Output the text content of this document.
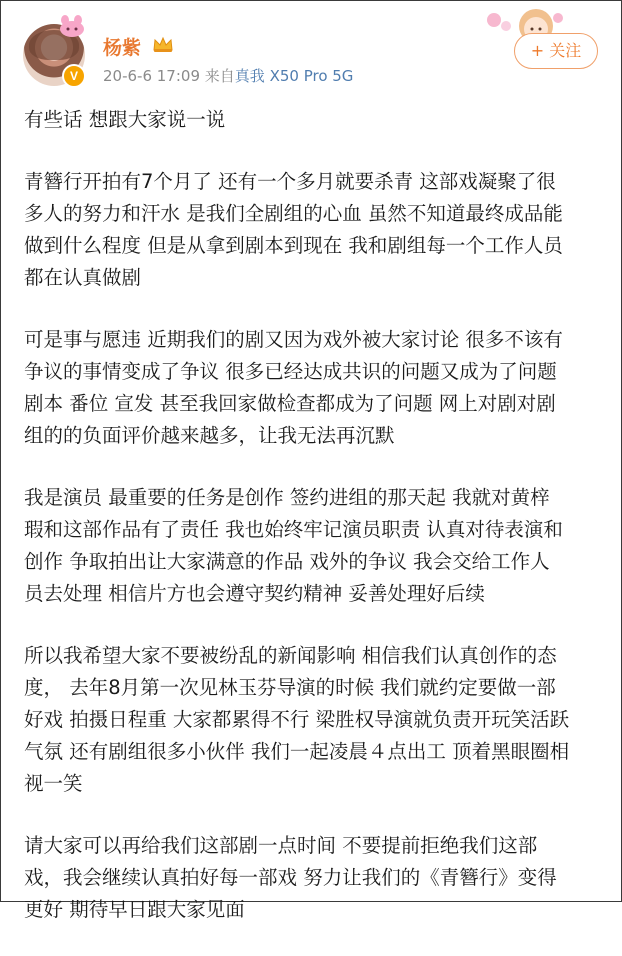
V
杨紫
20-6-6 17:09 来自真我 X50 Pro 5G
+ 关注
有些话 想跟大家说一说
青簪行开拍有7个月了 还有一个多月就要杀青 这部戏凝聚了很
多人的努力和汗水 是我们全剧组的心血 虽然不知道最终成品能
做到什么程度 但是从拿到剧本到现在 我和剧组每一个工作人员
都在认真做剧
可是事与愿违 近期我们的剧又因为戏外被大家讨论 很多不该有
争议的事情变成了争议 很多已经达成共识的问题又成为了问题
剧本 番位 宣发 甚至我回家做检查都成为了问题 网上对剧对剧
组的的负面评价越来越多，让我无法再沉默
我是演员 最重要的任务是创作 签约进组的那天起 我就对黄梓
瑕和这部作品有了责任 我也始终牢记演员职责 认真对待表演和
创作 争取拍出让大家满意的作品 戏外的争议 我会交给工作人
员去处理 相信片方也会遵守契约精神 妥善处理好后续
所以我希望大家不要被纷乱的新闻影响 相信我们认真创作的态
度， 去年8月第一次见林玉芬导演的时候 我们就约定要做一部
好戏 拍摄日程重 大家都累得不行 梁胜权导演就负责开玩笑活跃
气氛 还有剧组很多小伙伴 我们一起凌晨４点出工 顶着黑眼圈相
视一笑
请大家可以再给我们这部剧一点时间 不要提前拒绝我们这部
戏，我会继续认真拍好每一部戏 努力让我们的《青簪行》变得
更好 期待早日跟大家见面
